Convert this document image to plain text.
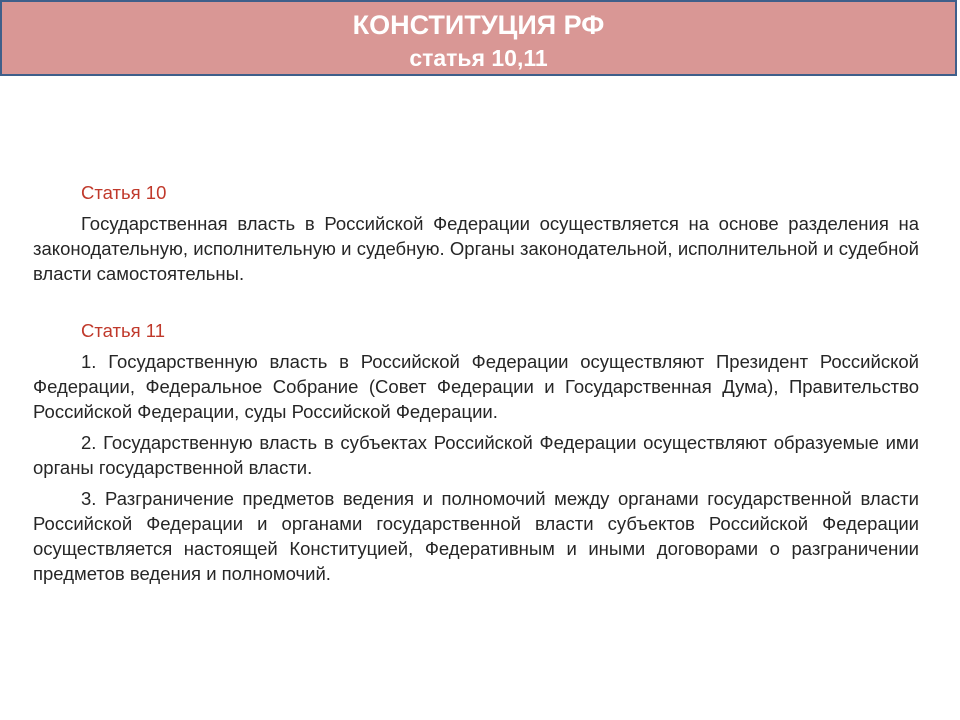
КОНСТИТУЦИЯ РФ
статья 10,11
Статья 10

Государственная власть в Российской Федерации осуществляется на основе разделения на законодательную, исполнительную и судебную. Органы законодательной, исполнительной и судебной власти самостоятельны.

Статья 11

1. Государственную власть в Российской Федерации осуществляют Президент Российской Федерации, Федеральное Собрание (Совет Федерации и Государственная Дума), Правительство Российской Федерации, суды Российской Федерации.

2. Государственную власть в субъектах Российской Федерации осуществляют образуемые ими органы государственной власти.

3. Разграничение предметов ведения и полномочий между органами государственной власти Российской Федерации и органами государственной власти субъектов Российской Федерации осуществляется настоящей Конституцией, Федеративным и иными договорами о разграничении предметов ведения и полномочий.
